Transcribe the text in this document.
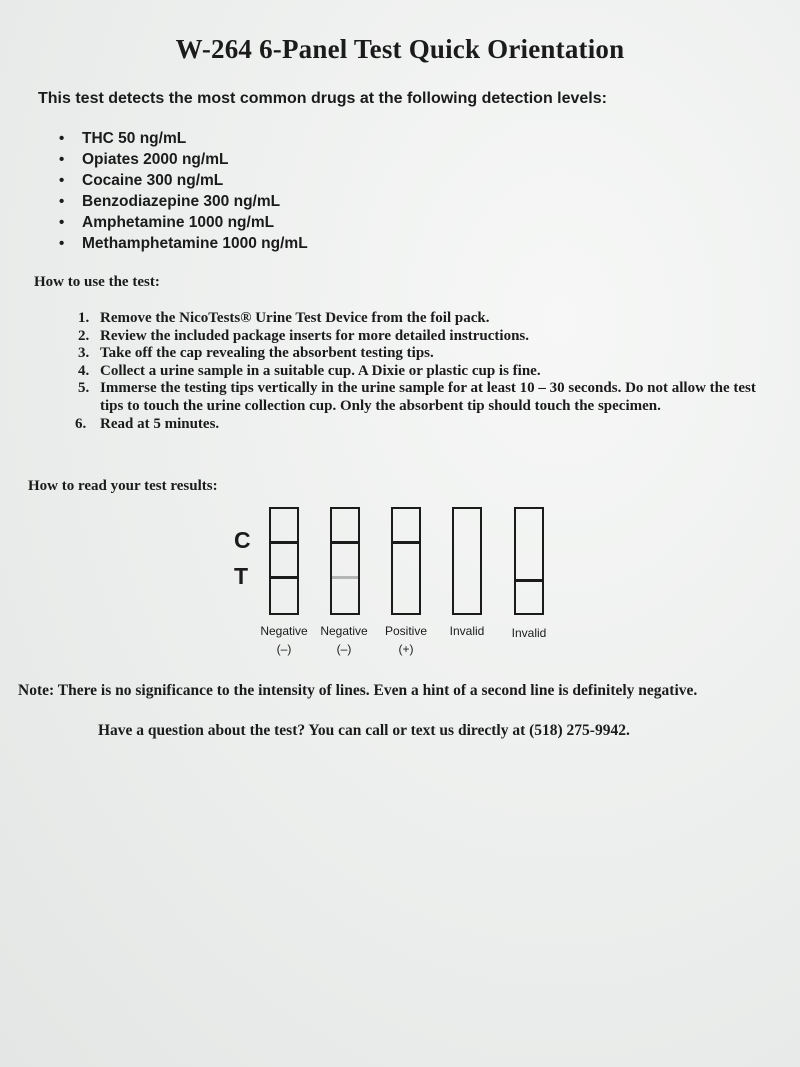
W-264 6-Panel Test Quick Orientation
This test detects the most common drugs at the following detection levels:
• THC 50 ng/mL
• Opiates 2000 ng/mL
• Cocaine 300 ng/mL
• Benzodiazepine 300 ng/mL
• Amphetamine 1000 ng/mL
• Methamphetamine 1000 ng/mL
How to use the test:
1. Remove the NicoTests® Urine Test Device from the foil pack.
2. Review the included package inserts for more detailed instructions.
3. Take off the cap revealing the absorbent testing tips.
4. Collect a urine sample in a suitable cup. A Dixie or plastic cup is fine.
5. Immerse the testing tips vertically in the urine sample for at least 10 – 30 seconds. Do not allow the test tips to touch the urine collection cup. Only the absorbent tip should touch the specimen.
6. Read at 5 minutes.
How to read your test results:
C
T
Negative
(–)
Negative
(–)
Positive
(+)
Invalid	Invalid
Note: There is no significance to the intensity of lines. Even a hint of a second line is definitely negative.
Have a question about the test? You can call or text us directly at (518) 275-9942.
